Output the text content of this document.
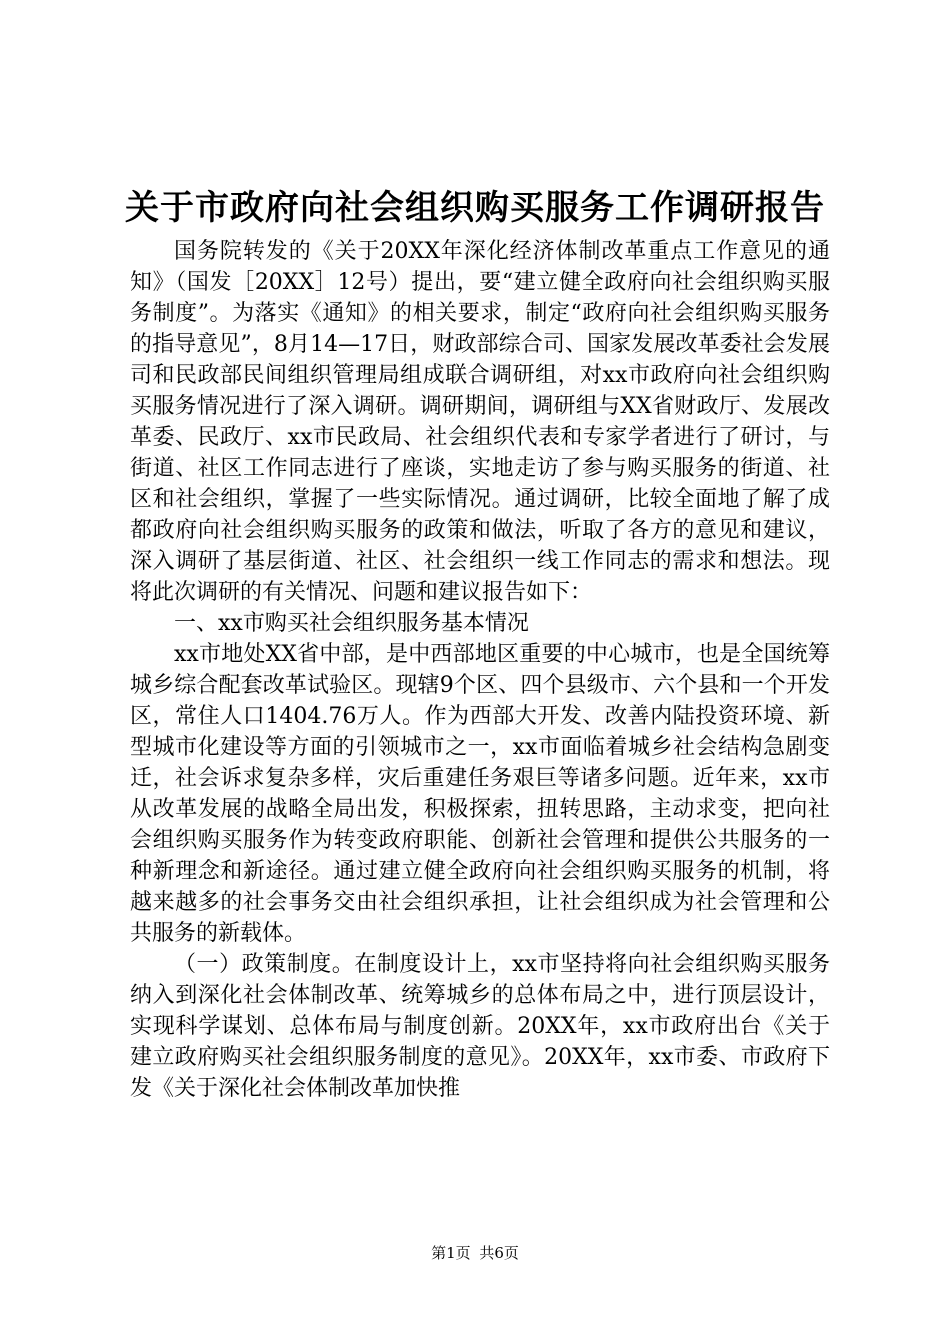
关于市政府向社会组织购买服务工作调研报告

国务院转发的《关于20XX年深化经济体制改革重点工作意见的通知》（国发［20XX］12号）提出，要“建立健全政府向社会组织购买服务制度”。为落实《通知》的相关要求，制定“政府向社会组织购买服务的指导意见”，8月14—17日，财政部综合司、国家发展改革委社会发展司和民政部民间组织管理局组成联合调研组，对xx市政府向社会组织购买服务情况进行了深入调研。调研期间，调研组与XX省财政厅、发展改革委、民政厅、xx市民政局、社会组织代表和专家学者进行了研讨，与街道、社区工作同志进行了座谈，实地走访了参与购买服务的街道、社区和社会组织，掌握了一些实际情况。通过调研，比较全面地了解了成都政府向社会组织购买服务的政策和做法，听取了各方的意见和建议，深入调研了基层街道、社区、社会组织一线工作同志的需求和想法。现将此次调研的有关情况、问题和建议报告如下：

一、xx市购买社会组织服务基本情况

xx市地处XX省中部，是中西部地区重要的中心城市，也是全国统筹城乡综合配套改革试验区。现辖9个区、四个县级市、六个县和一个开发区，常住人口1404.76万人。作为西部大开发、改善内陆投资环境、新型城市化建设等方面的引领城市之一，xx市面临着城乡社会结构急剧变迁，社会诉求复杂多样，灾后重建任务艰巨等诸多问题。近年来，xx市从改革发展的战略全局出发，积极探索，扭转思路，主动求变，把向社会组织购买服务作为转变政府职能、创新社会管理和提供公共服务的一种新理念和新途径。通过建立健全政府向社会组织购买服务的机制，将越来越多的社会事务交由社会组织承担，让社会组织成为社会管理和公共服务的新载体。

（一）政策制度。在制度设计上，xx市坚持将向社会组织购买服务纳入到深化社会体制改革、统筹城乡的总体布局之中，进行顶层设计，实现科学谋划、总体布局与制度创新。20XX年，xx市政府出台《关于建立政府购买社会组织服务制度的意见》。20XX年，xx市委、市政府下发《关于深化社会体制改革加快推

第1页 共6页
